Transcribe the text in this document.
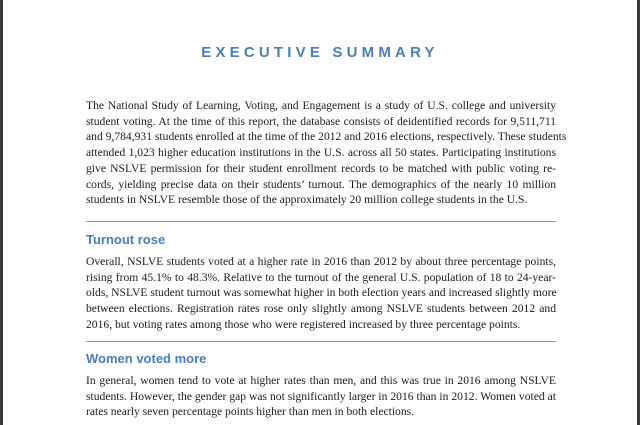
EXECUTIVE SUMMARY

The National Study of Learning, Voting, and Engagement is a study of U.S. college and university
student voting. At the time of this report, the database consists of deidentified records for 9,511,711
and 9,784,931 students enrolled at the time of the 2012 and 2016 elections, respectively. These students
attended 1,023 higher education institutions in the U.S. across all 50 states. Participating institutions
give NSLVE permission for their student enrollment records to be matched with public voting re-
cords, yielding precise data on their students’ turnout. The demographics of the nearly 10 million
students in NSLVE resemble those of the approximately 20 million college students in the U.S.

Turnout rose

Overall, NSLVE students voted at a higher rate in 2016 than 2012 by about three percentage points,
rising from 45.1% to 48.3%. Relative to the turnout of the general U.S. population of 18 to 24-year-
olds, NSLVE student turnout was somewhat higher in both election years and increased slightly more
between elections. Registration rates rose only slightly among NSLVE students between 2012 and
2016, but voting rates among those who were registered increased by three percentage points.

Women voted more

In general, women tend to vote at higher rates than men, and this was true in 2016 among NSLVE
students. However, the gender gap was not significantly larger in 2016 than in 2012. Women voted at
rates nearly seven percentage points higher than men in both elections.
